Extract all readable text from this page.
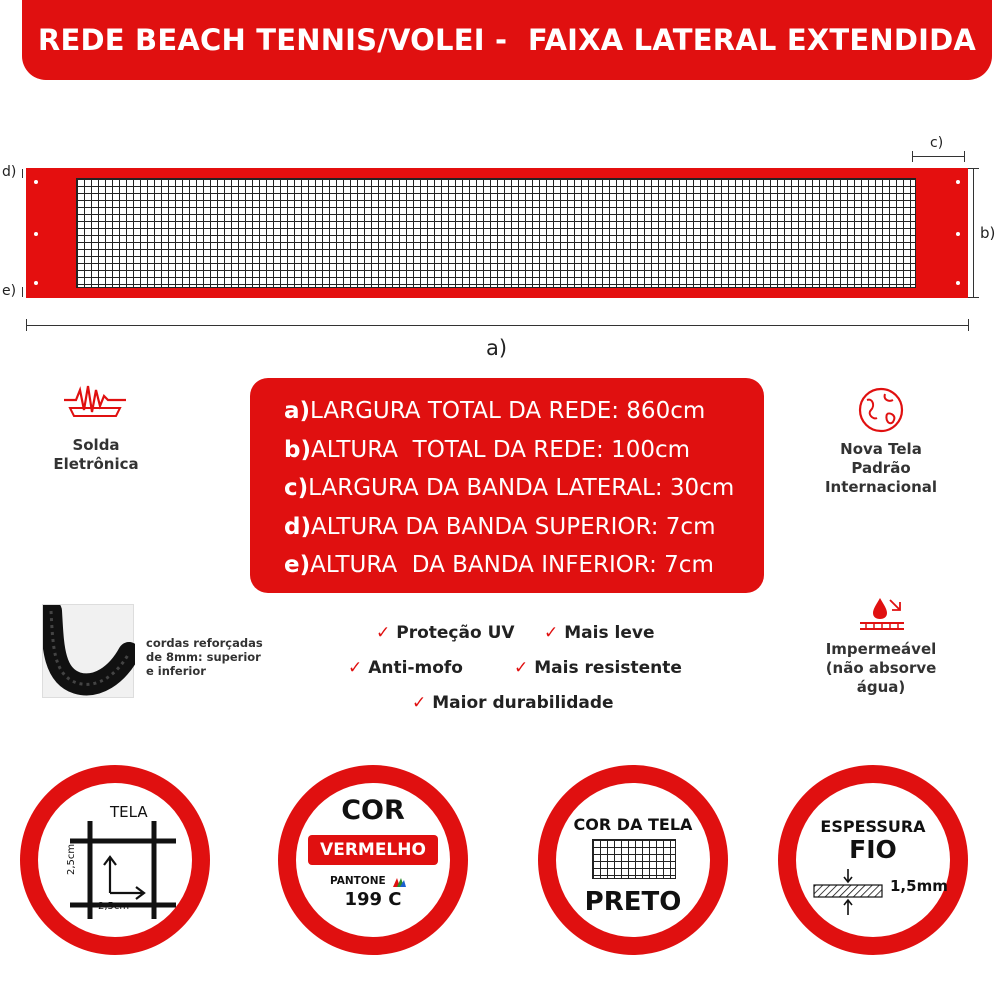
REDE BEACH TENNIS/VOLEI -  FAIXA LATERAL EXTENDIDA
c)
b)
d)
e)
a)
Solda
Eletrônica
a)LARGURA TOTAL DA REDE: 860cm
b)ALTURA  TOTAL DA REDE: 100cm
c)LARGURA DA BANDA LATERAL: 30cm
d)ALTURA DA BANDA SUPERIOR: 7cm
e)ALTURA  DA BANDA INFERIOR: 7cm
Nova Tela
Padrão
Internacional
cordas reforçadas
de 8mm: superior
e inferior
✓ Proteção UV ✓ Mais leve
✓ Anti-mofo	✓ Mais resistente
✓ Maior durabilidade
Impermeável
(não absorve
água)
TELA
2,5cm
2,5cm
COR
VERMELHO
PANTONE
199 C
COR DA TELA
PRETO
ESPESSURA
FIO
1,5mm
